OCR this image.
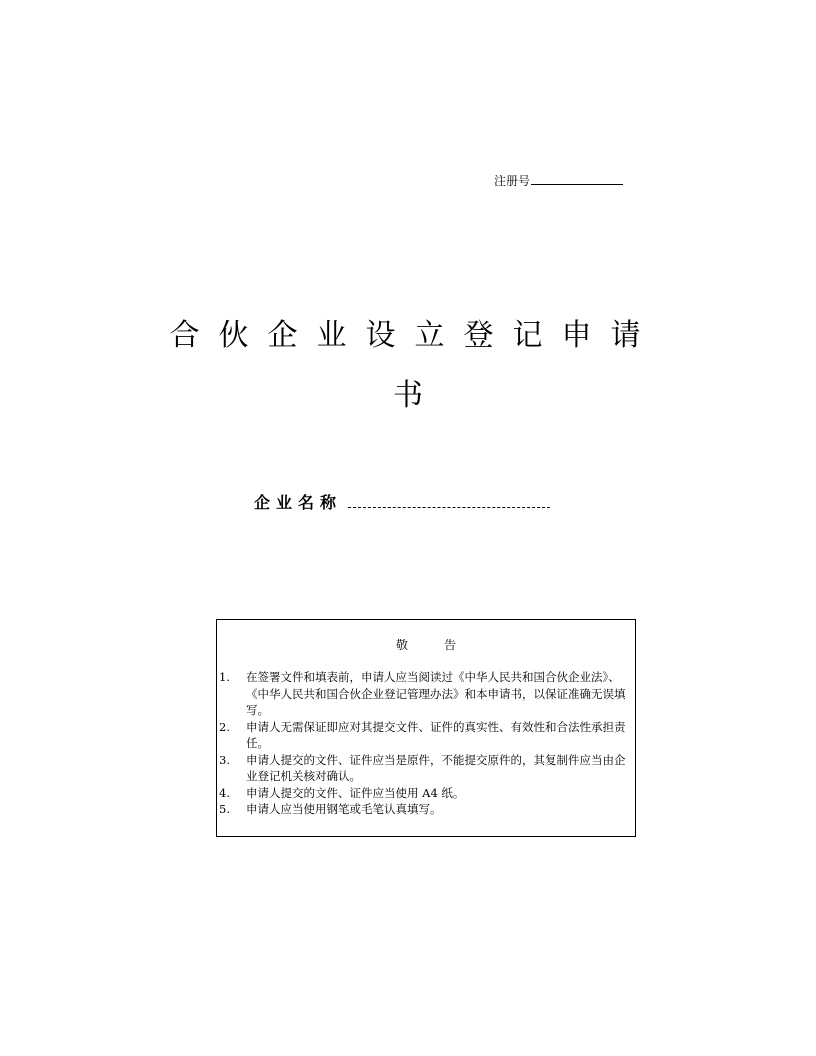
注册号
合 伙 企 业 设 立 登 记 申 请
书
企业名称
敬告
1. 在签署文件和填表前，申请人应当阅读过《中华人民共和国合伙企业法》、《中华人民共和国合伙企业登记管理办法》和本申请书，以保证准确无误填写。
2. 申请人无需保证即应对其提交文件、证件的真实性、有效性和合法性承担责任。
3. 申请人提交的文件、证件应当是原件，不能提交原件的，其复制件应当由企业登记机关核对确认。
4. 申请人提交的文件、证件应当使用 A4 纸。
5. 申请人应当使用钢笔或毛笔认真填写。
